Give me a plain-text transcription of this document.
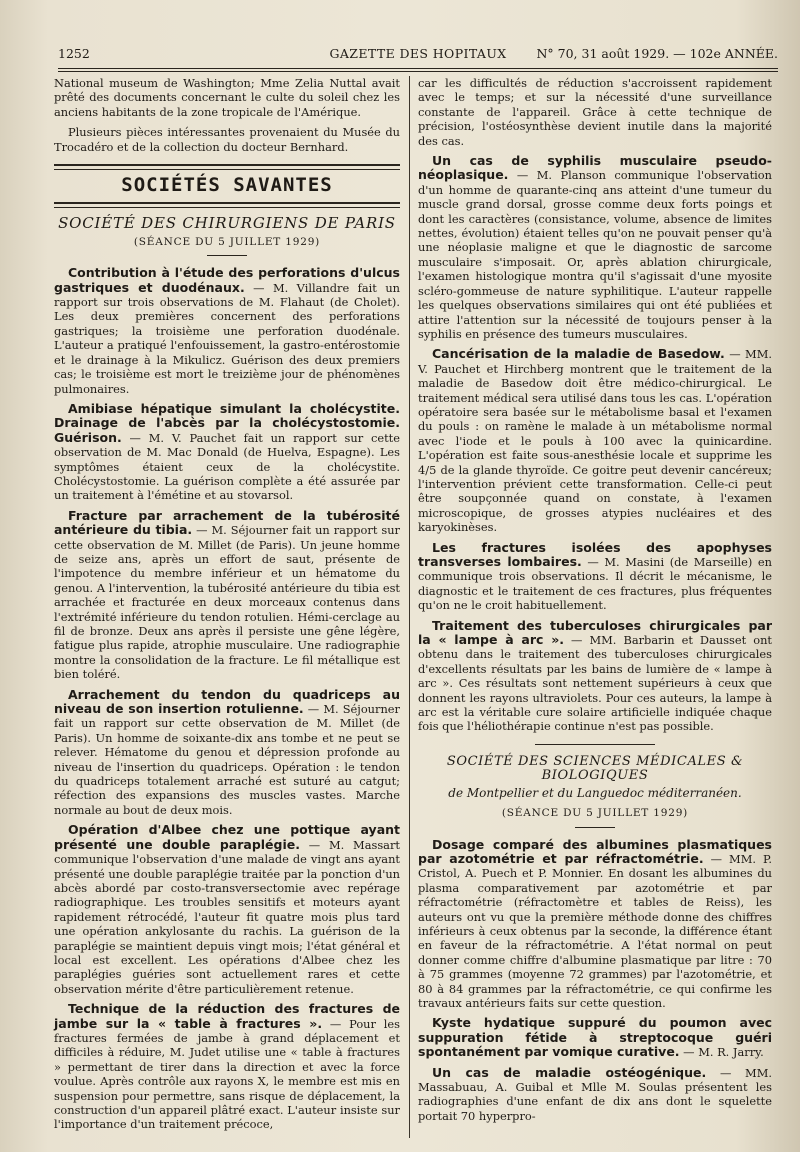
1252	GAZETTE DES HOPITAUX	N° 70, 31 août 1929. — 102e ANNÉE.

National museum de Washington; Mme Zelia Nuttal avait prêté des documents concernant le culte du soleil chez les anciens habitants de la zone tropicale de l'Amérique.

Plusieurs pièces intéressantes provenaient du Musée du Trocadéro et de la collection du docteur Bernhard.

SOCIÉTÉS SAVANTES
SOCIÉTÉ DES CHIRURGIENS DE PARIS
(SÉANCE DU 5 JUILLET 1929)

Contribution à l'étude des perforations d'ulcus gastriques et duodénaux. — M. Villandre fait un rapport sur trois observations de M. Flahaut (de Cholet). Les deux premières concernent des perforations gastriques; la troisième une perforation duodénale. L'auteur a pratiqué l'enfouissement, la gastro-entérostomie et le drainage à la Mikulicz. Guérison des deux premiers cas; le troisième est mort le treizième jour de phénomènes pulmonaires.

Amibiase hépatique simulant la cholécystite. Drainage de l'abcès par la cholécystostomie. Guérison. — M. V. Pauchet fait un rapport sur cette observation de M. Mac Donald (de Huelva, Espagne). Les symptômes étaient ceux de la cholécystite. Cholécystostomie. La guérison complète a été assurée par un traitement à l'émétine et au stovarsol.

Fracture par arrachement de la tubérosité antérieure du tibia. — M. Séjourner fait un rapport sur cette observation de M. Millet (de Paris). Un jeune homme de seize ans, après un effort de saut, présente de l'impotence du membre inférieur et un hématome du genou. A l'intervention, la tubérosité antérieure du tibia est arrachée et fracturée en deux morceaux contenus dans l'extrémité inférieure du tendon rotulien. Hémi-cerclage au fil de bronze. Deux ans après il persiste une gêne légère, fatigue plus rapide, atrophie musculaire. Une radiographie montre la consolidation de la fracture. Le fil métallique est bien toléré.

Arrachement du tendon du quadriceps au niveau de son insertion rotulienne. — M. Séjourner fait un rapport sur cette observation de M. Millet (de Paris). Un homme de soixante-dix ans tombe et ne peut se relever. Hématome du genou et dépression profonde au niveau de l'insertion du quadriceps. Opération : le tendon du quadriceps totalement arraché est suturé au catgut; réfection des expansions des muscles vastes. Marche normale au bout de deux mois.

Opération d'Albee chez une pottique ayant présenté une double paraplégie. — M. Massart communique l'observation d'une malade de vingt ans ayant présenté une double paraplégie traitée par la ponction d'un abcès abordé par costo-transversectomie avec repérage radiographique. Les troubles sensitifs et moteurs ayant rapidement rétrocédé, l'auteur fit quatre mois plus tard une opération ankylosante du rachis. La guérison de la paraplégie se maintient depuis vingt mois; l'état général et local est excellent. Les opérations d'Albee chez les paraplégies guéries sont actuellement rares et cette observation mérite d'être particulièrement retenue.

Technique de la réduction des fractures de jambe sur la « table à fractures ». — Pour les fractures fermées de jambe à grand déplacement et difficiles à réduire, M. Judet utilise une « table à fractures » permettant de tirer dans la direction et avec la force voulue. Après contrôle aux rayons X, le membre est mis en suspension pour permettre, sans risque de déplacement, la construction d'un appareil plâtré exact. L'auteur insiste sur l'importance d'un traitement précoce,

car les difficultés de réduction s'accroissent rapidement avec le temps; et sur la nécessité d'une surveillance constante de l'appareil. Grâce à cette technique de précision, l'ostéosynthèse devient inutile dans la majorité des cas.

Un cas de syphilis musculaire pseudo-néoplasique. — M. Planson communique l'observation d'un homme de quarante-cinq ans atteint d'une tumeur du muscle grand dorsal, grosse comme deux forts poings et dont les caractères (consistance, volume, absence de limites nettes, évolution) étaient telles qu'on ne pouvait penser qu'à une néoplasie maligne et que le diagnostic de sarcome musculaire s'imposait. Or, après ablation chirurgicale, l'examen histologique montra qu'il s'agissait d'une myosite scléro-gommeuse de nature syphilitique. L'auteur rappelle les quelques observations similaires qui ont été publiées et attire l'attention sur la nécessité de toujours penser à la syphilis en présence des tumeurs musculaires.

Cancérisation de la maladie de Basedow. — MM. V. Pauchet et Hirchberg montrent que le traitement de la maladie de Basedow doit être médico-chirurgical. Le traitement médical sera utilisé dans tous les cas. L'opération opératoire sera basée sur le métabolisme basal et l'examen du pouls : on ramène le malade à un métabolisme normal avec l'iode et le pouls à 100 avec la quinicardine. L'opération est faite sous-anesthésie locale et supprime les 4/5 de la glande thyroïde. Ce goitre peut devenir cancéreux; l'intervention prévient cette transformation. Celle-ci peut être soupçonnée quand on constate, à l'examen microscopique, de grosses atypies nucléaires et des karyokinèses.

Les fractures isolées des apophyses transverses lombaires. — M. Masini (de Marseille) en communique trois observations. Il décrit le mécanisme, le diagnostic et le traitement de ces fractures, plus fréquentes qu'on ne le croit habituellement.

Traitement des tuberculoses chirurgicales par la « lampe à arc ». — MM. Barbarin et Dausset ont obtenu dans le traitement des tuberculoses chirurgicales d'excellents résultats par les bains de lumière de « lampe à arc ». Ces résultats sont nettement supérieurs à ceux que donnent les rayons ultraviolets. Pour ces auteurs, la lampe à arc est la véritable cure solaire artificielle indiquée chaque fois que l'héliothérapie continue n'est pas possible.

SOCIÉTÉ DES SCIENCES MÉDICALES & BIOLOGIQUES
de Montpellier et du Languedoc méditerranéen.
(SÉANCE DU 5 JUILLET 1929)

Dosage comparé des albumines plasmatiques par azotométrie et par réfractométrie. — MM. P. Cristol, A. Puech et P. Monnier. En dosant les albumines du plasma comparativement par azotométrie et par réfractométrie (réfractomètre et tables de Reiss), les auteurs ont vu que la première méthode donne des chiffres inférieurs à ceux obtenus par la seconde, la différence étant en faveur de la réfractométrie. A l'état normal on peut donner comme chiffre d'albumine plasmatique par litre : 70 à 75 grammes (moyenne 72 grammes) par l'azotométrie, et 80 à 84 grammes par la réfractométrie, ce qui confirme les travaux antérieurs faits sur cette question.

Kyste hydatique suppuré du poumon avec suppuration fétide à streptocoque guéri spontanément par vomique curative. — M. R. Jarry.

Un cas de maladie ostéogénique. — MM. Massabuau, A. Guibal et Mlle M. Soulas présentent les radiographies d'une enfant de dix ans dont le squelette portait 70 hyperpro-
